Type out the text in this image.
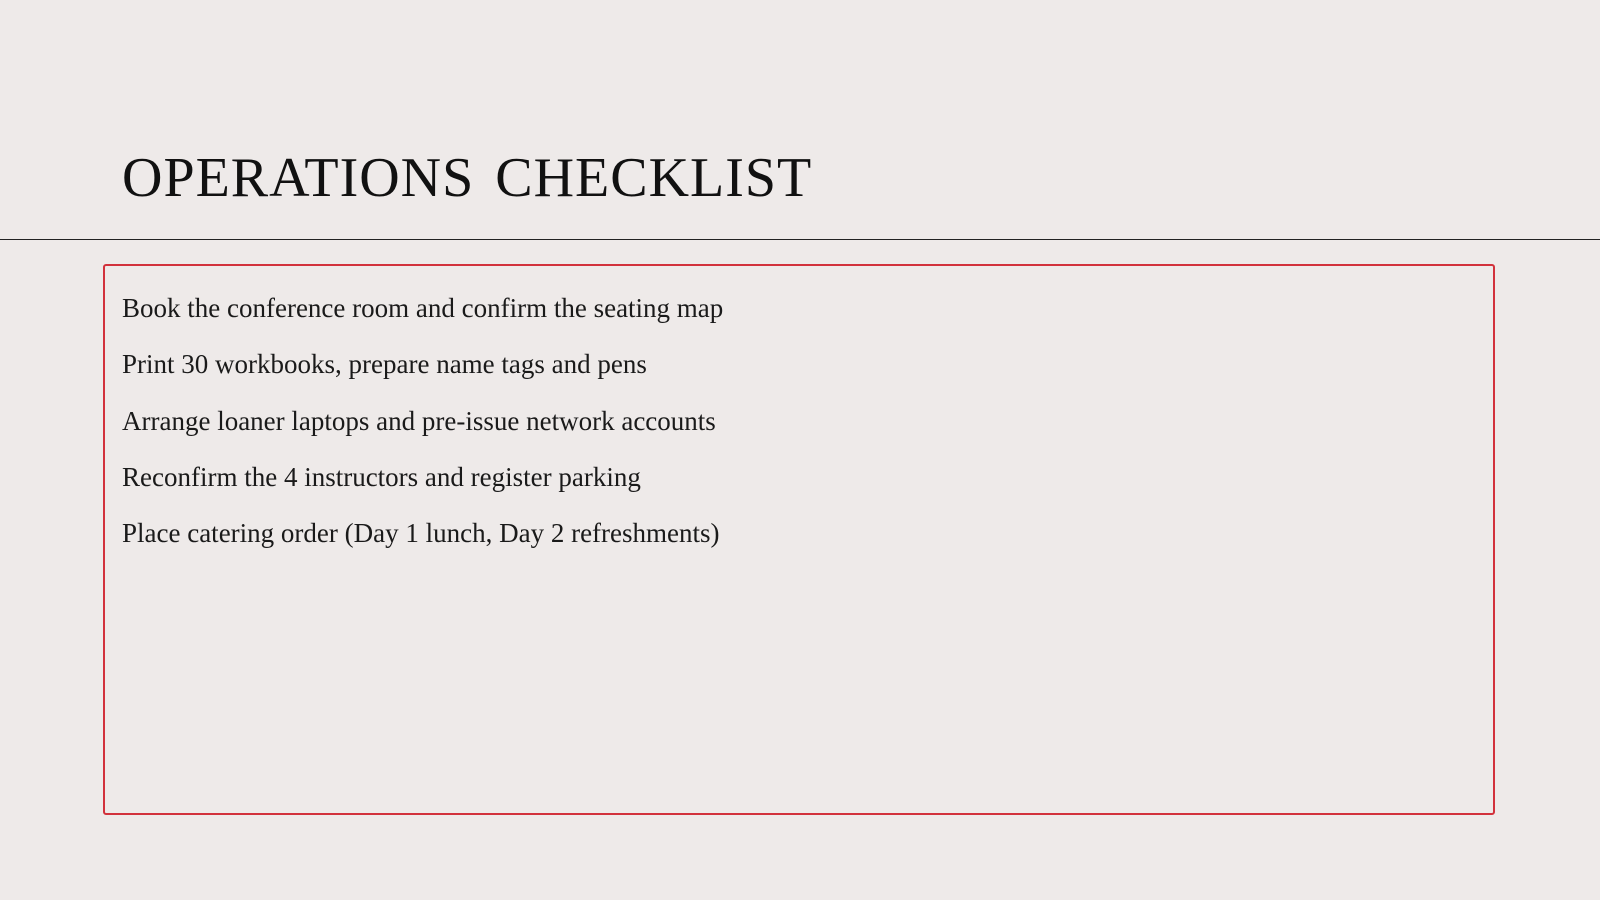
operations checklist
Book the conference room and confirm the seating map
Print 30 workbooks, prepare name tags and pens
Arrange loaner laptops and pre-issue network accounts
Reconfirm the 4 instructors and register parking
Place catering order (Day 1 lunch, Day 2 refreshments)
